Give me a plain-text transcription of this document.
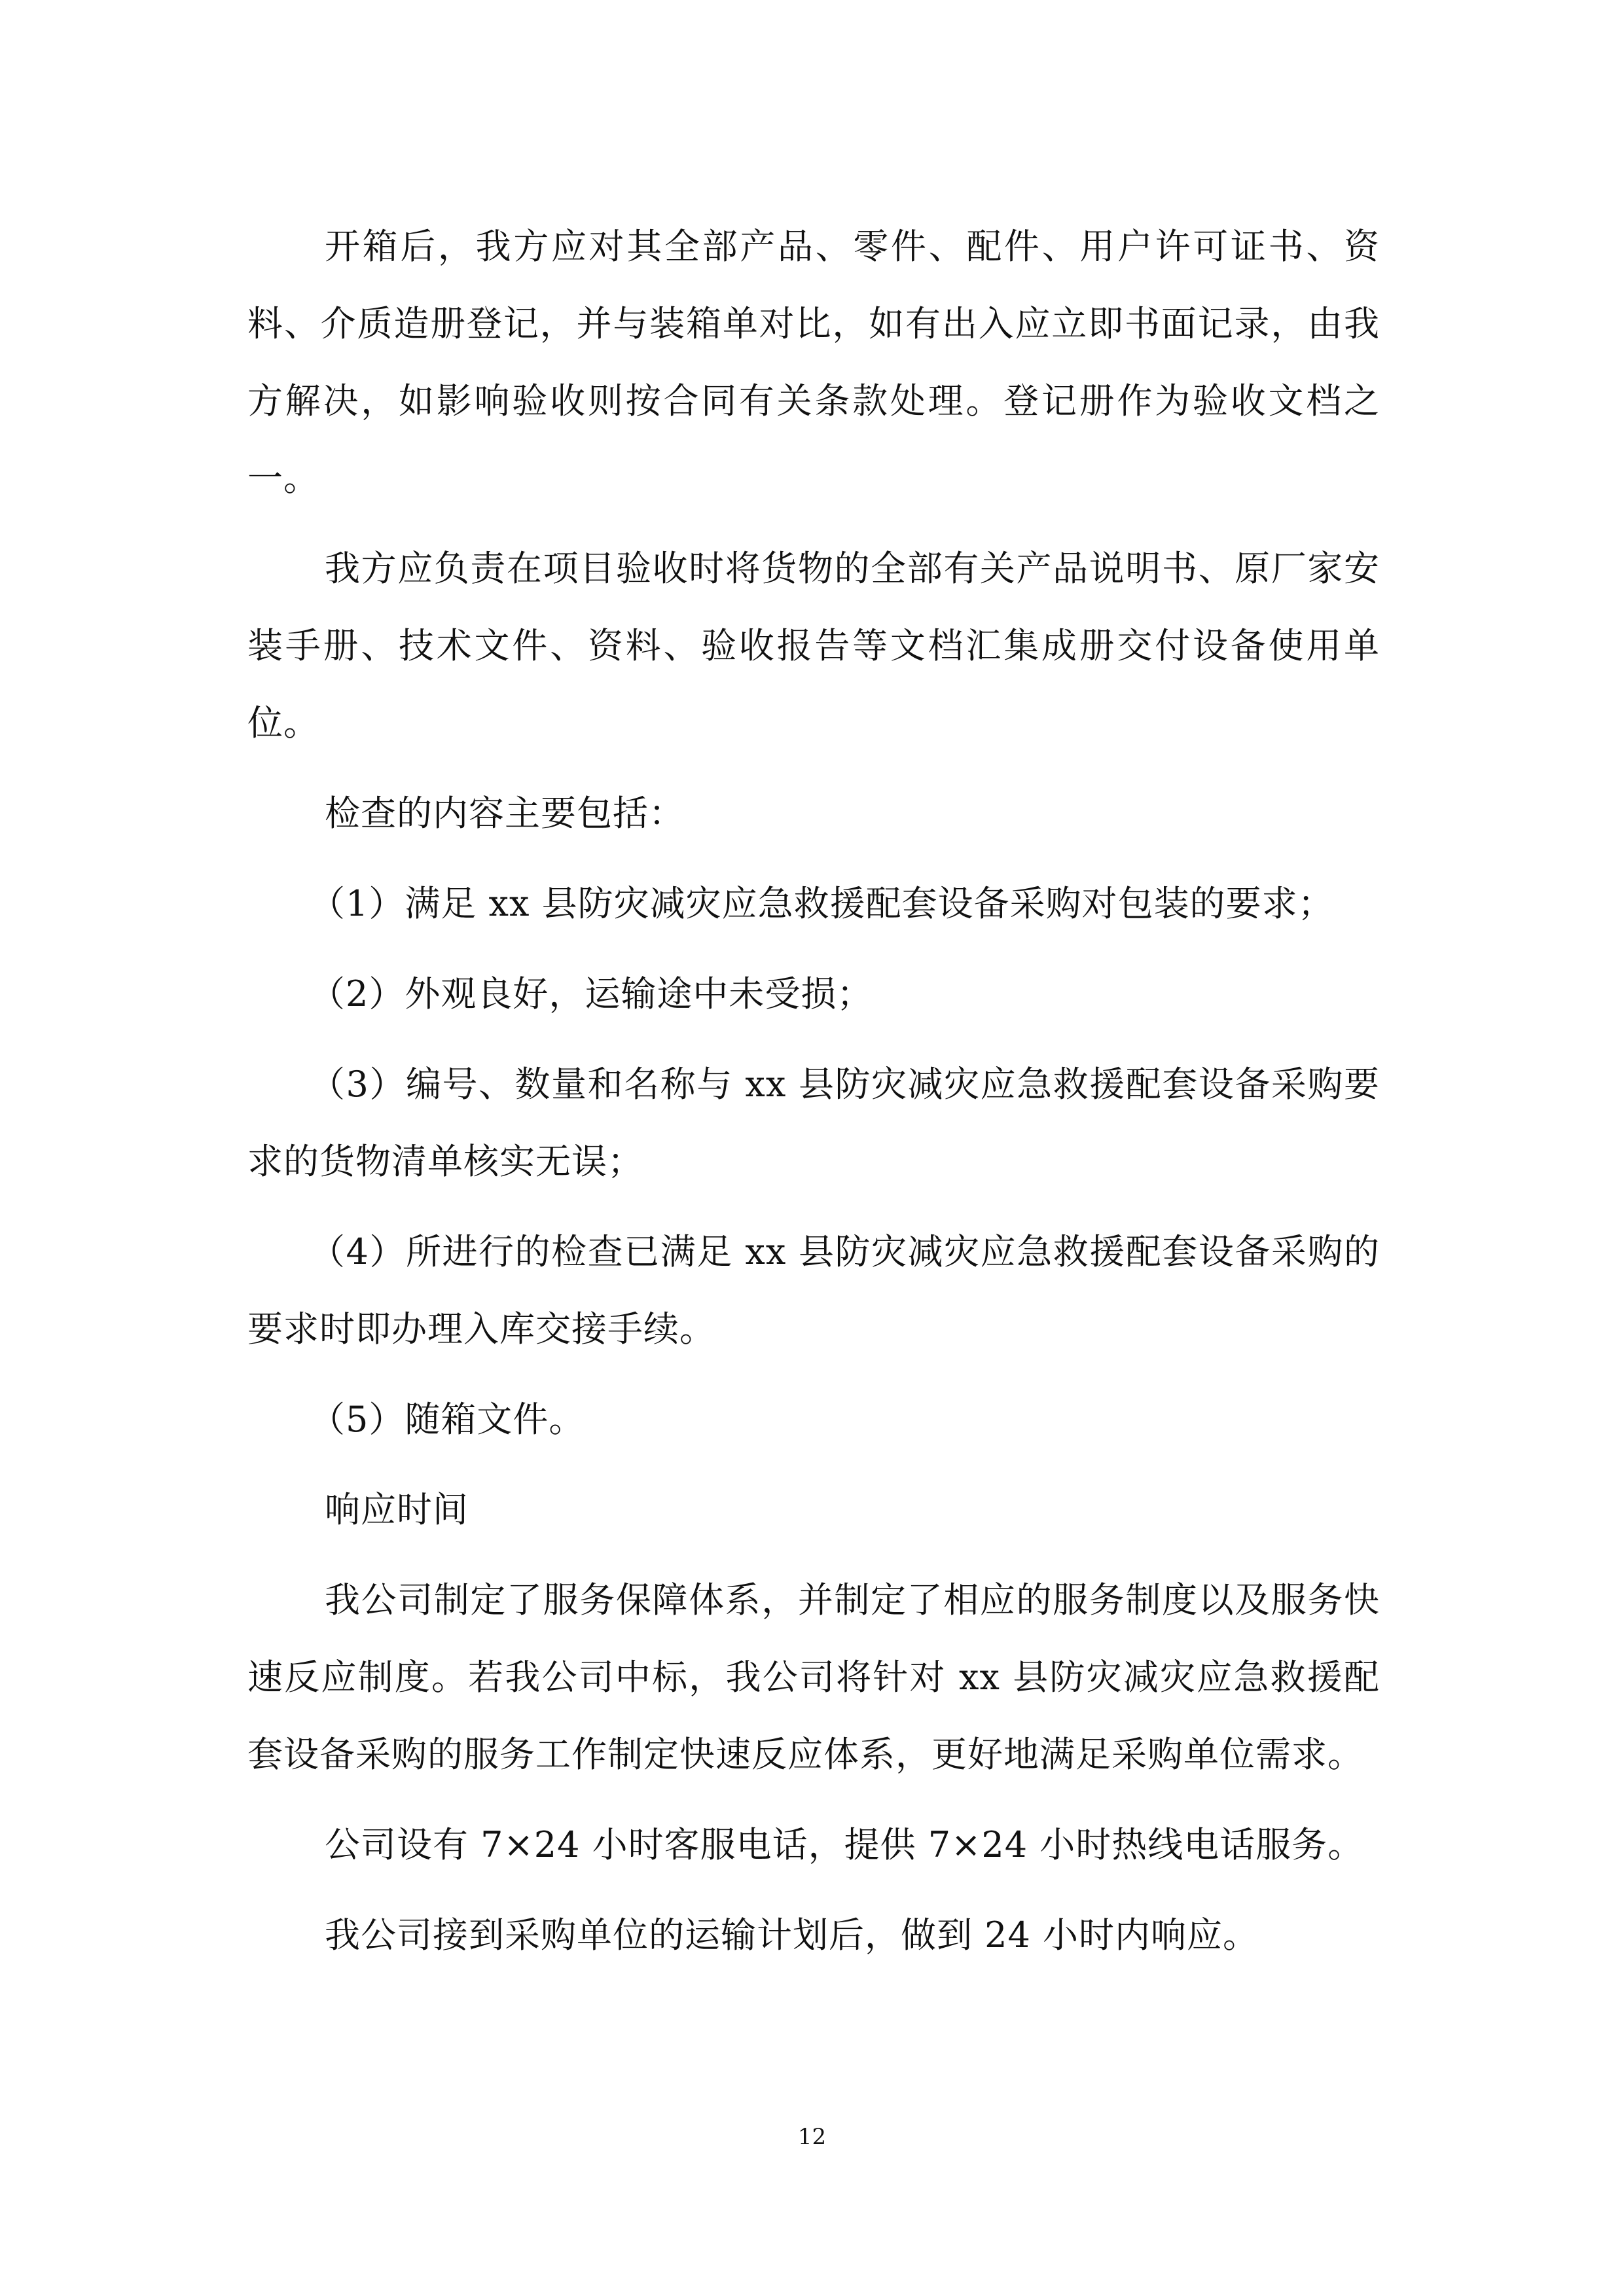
开箱后，我方应对其全部产品、零件、配件、用户许可证书、资料、介质造册登记，并与装箱单对比，如有出入应立即书面记录，由我方解决，如影响验收则按合同有关条款处理。登记册作为验收文档之一。

我方应负责在项目验收时将货物的全部有关产品说明书、原厂家安装手册、技术文件、资料、验收报告等文档汇集成册交付设备使用单位。

检查的内容主要包括：

（1）满足 xx 县防灾减灾应急救援配套设备采购对包装的要求；

（2）外观良好，运输途中未受损；

（3）编号、数量和名称与 xx 县防灾减灾应急救援配套设备采购要求的货物清单核实无误；

（4）所进行的检查已满足 xx 县防灾减灾应急救援配套设备采购的要求时即办理入库交接手续。

（5）随箱文件。

响应时间

我公司制定了服务保障体系，并制定了相应的服务制度以及服务快速反应制度。若我公司中标，我公司将针对 xx 县防灾减灾应急救援配套设备采购的服务工作制定快速反应体系，更好地满足采购单位需求。

公司设有 7×24 小时客服电话，提供 7×24 小时热线电话服务。

我公司接到采购单位的运输计划后，做到 24 小时内响应。

12
